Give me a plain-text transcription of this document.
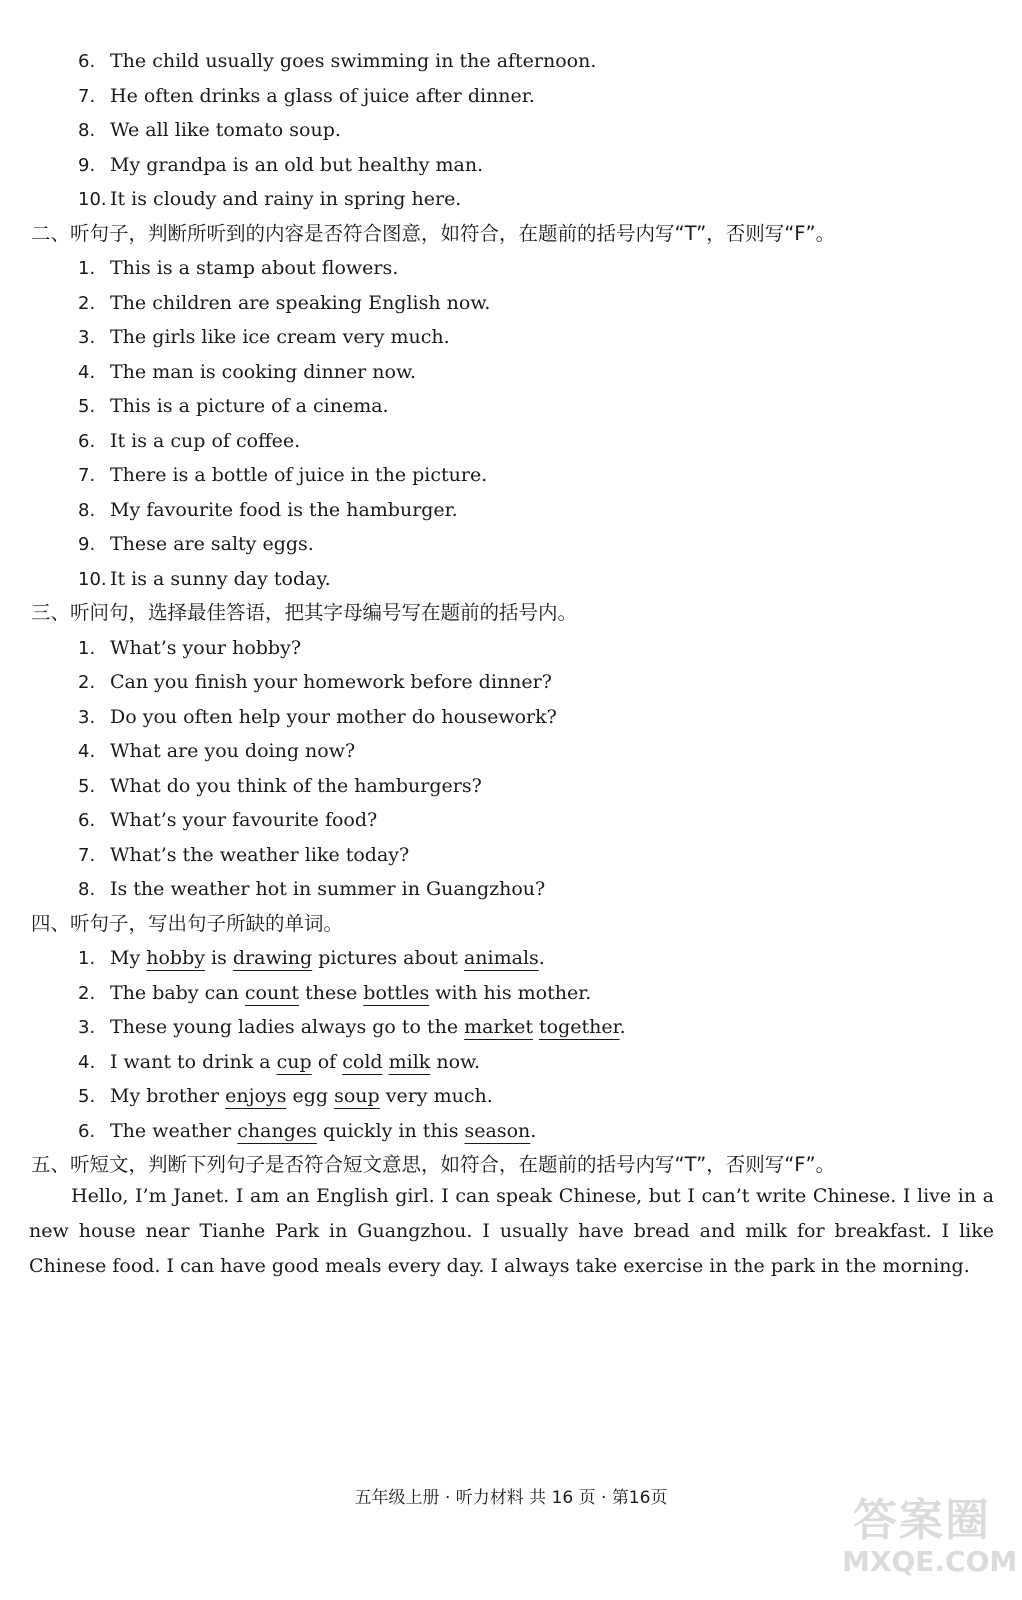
6. The child usually goes swimming in the afternoon.
7. He often drinks a glass of juice after dinner.
8. We all like tomato soup.
9. My grandpa is an old but healthy man.
10. It is cloudy and rainy in spring here.
二、听句子，判断所听到的内容是否符合图意，如符合，在题前的括号内写“T”，否则写“F”。
1. This is a stamp about flowers.
2. The children are speaking English now.
3. The girls like ice cream very much.
4. The man is cooking dinner now.
5. This is a picture of a cinema.
6. It is a cup of coffee.
7. There is a bottle of juice in the picture.
8. My favourite food is the hamburger.
9. These are salty eggs.
10. It is a sunny day today.
三、听问句，选择最佳答语，把其字母编号写在题前的括号内。
1. What’s your hobby?
2. Can you finish your homework before dinner?
3. Do you often help your mother do housework?
4. What are you doing now?
5. What do you think of the hamburgers?
6. What’s your favourite food?
7. What’s the weather like today?
8. Is the weather hot in summer in Guangzhou?
四、听句子，写出句子所缺的单词。
1. My hobby is drawing pictures about animals.
2. The baby can count these bottles with his mother.
3. These young ladies always go to the market together.
4. I want to drink a cup of cold milk now.
5. My brother enjoys egg soup very much.
6. The weather changes quickly in this season.
五、听短文，判断下列句子是否符合短文意思，如符合，在题前的括号内写“T”，否则写“F”。
Hello, I’m Janet. I am an English girl. I can speak Chinese, but I can’t write Chinese. I live in a new house near Tianhe Park in Guangzhou. I usually have bread and milk for breakfast. I like Chinese food. I can have good meals every day. I always take exercise in the park in the morning.
五年级上册 · 听力材料 共 16 页 · 第16页	答案圈
MXQE.COM
